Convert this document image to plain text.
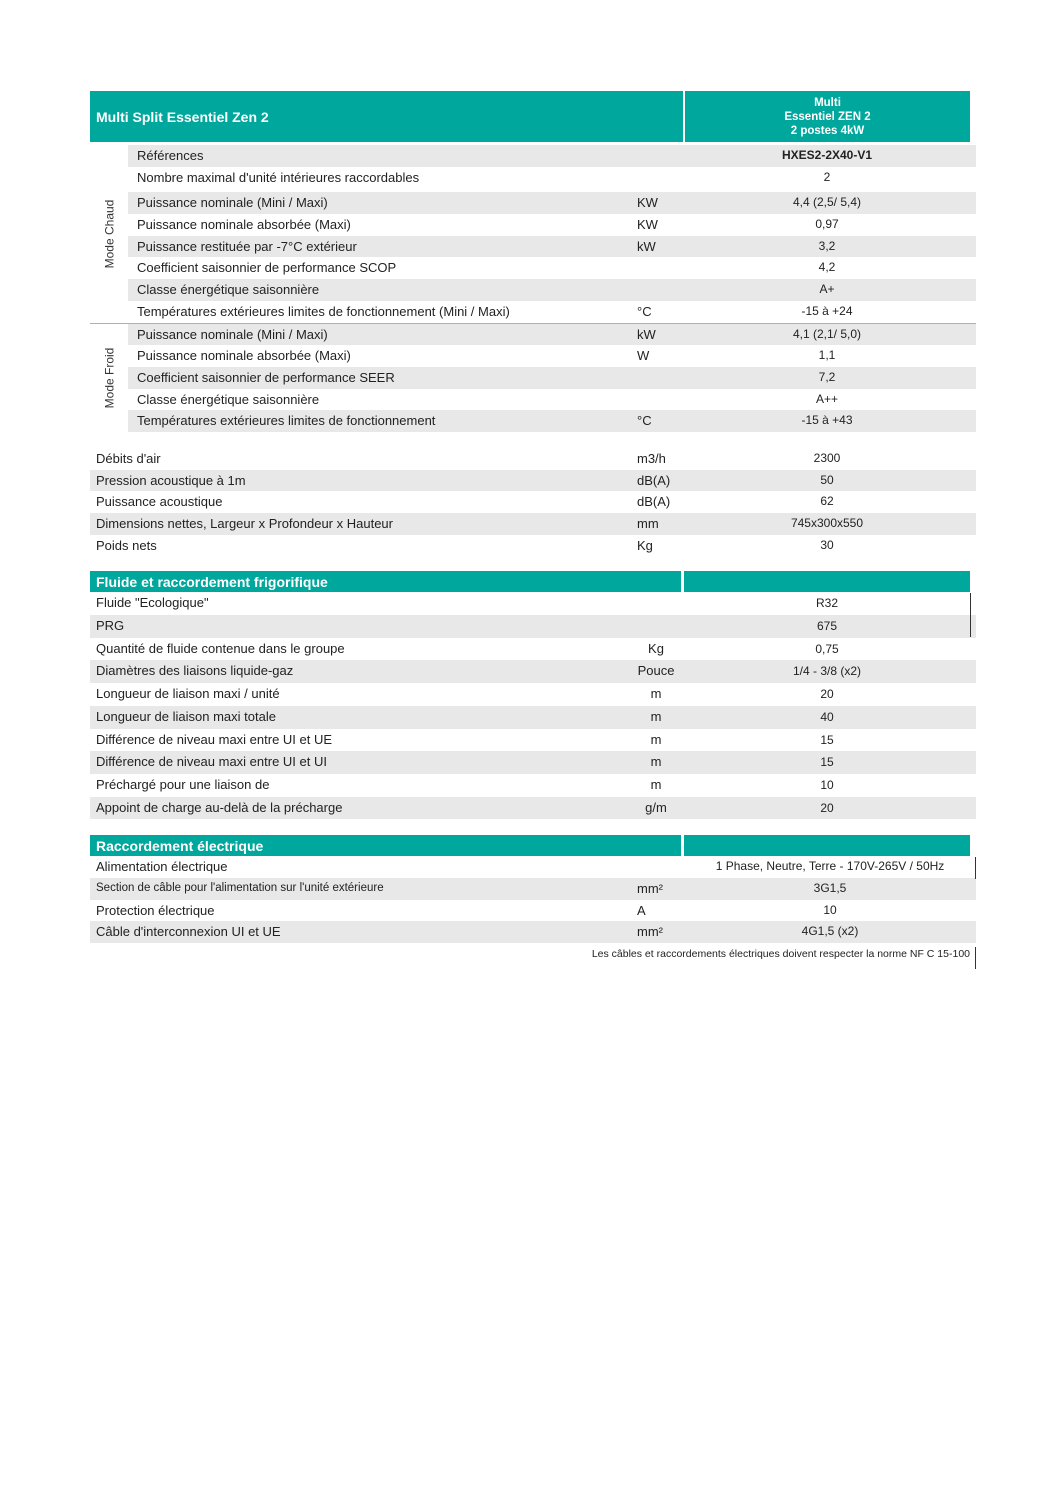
Multi Split Essentiel Zen 2
Multi
Essentiel ZEN 2
2 postes 4kW
Mode Chaud
Références	HXES2-2X40-V1
Nombre maximal d'unité intérieures raccordables	2
Puissance nominale (Mini / Maxi)	KW	4,4 (2,5/ 5,4)
Puissance nominale absorbée (Maxi)	KW	0,97
Puissance restituée par -7°C extérieur	kW	3,2
Coefficient saisonnier de performance SCOP	4,2
Classe énergétique saisonnière	A+
Températures extérieures limites de fonctionnement (Mini / Maxi)	°C	-15 à +24
Mode Froid
Puissance nominale (Mini / Maxi)	kW	4,1 (2,1/ 5,0)
Puissance nominale absorbée (Maxi)	W	1,1
Coefficient saisonnier de performance SEER	7,2
Classe énergétique saisonnière	A++
Températures extérieures limites de fonctionnement	°C	-15 à +43
Débits d'air	m3/h	2300
Pression acoustique à 1m	dB(A)	50
Puissance acoustique	dB(A)	62
Dimensions nettes, Largeur x Profondeur x Hauteur	mm	745x300x550
Poids nets	Kg	30
Fluide et raccordement frigorifique
Fluide "Ecologique"	R32
PRG	675
Quantité de fluide contenue dans le groupe	Kg	0,75
Diamètres des liaisons liquide-gaz	Pouce	1/4 - 3/8 (x2)
Longueur de liaison maxi / unité	m	20
Longueur de liaison maxi totale	m	40
Différence de niveau maxi entre UI et UE	m	15
Différence de niveau maxi entre UI et UI	m	15
Préchargé pour une liaison de	m	10
Appoint de charge au-delà de la précharge	g/m	20
Raccordement électrique
Alimentation électrique	1 Phase, Neutre, Terre - 170V-265V / 50Hz
Section de câble pour l'alimentation sur l'unité extérieure	mm²	3G1,5
Protection électrique	A	10
Câble d'interconnexion UI et UE	mm²	4G1,5 (x2)
Les câbles et raccordements électriques doivent respecter la norme NF C 15-100
